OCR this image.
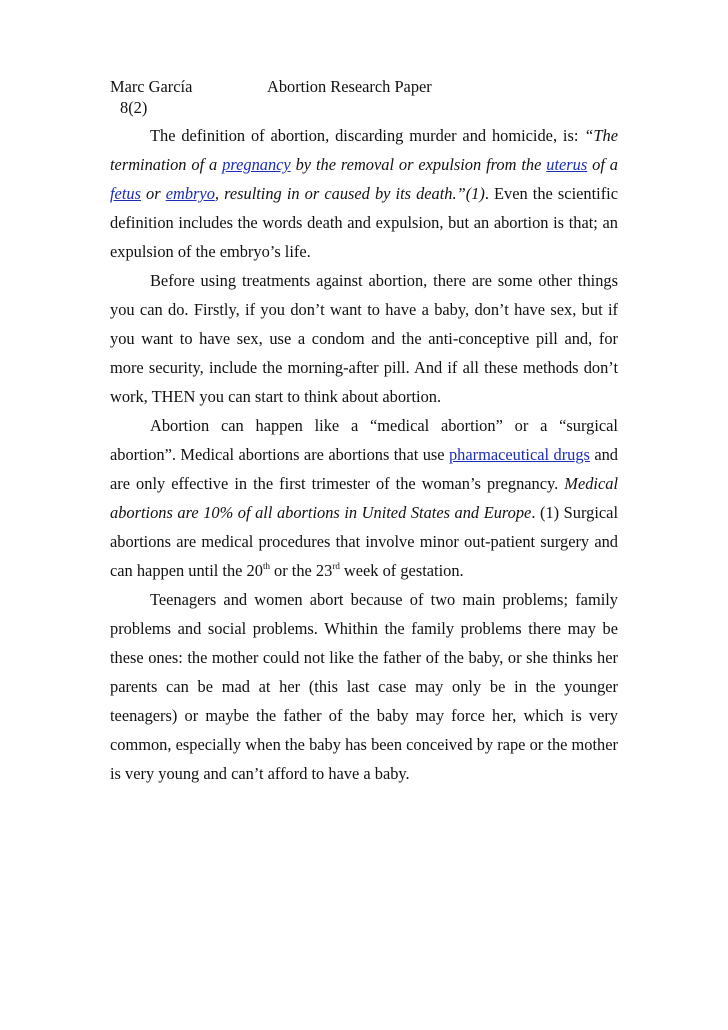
Marc García	Abortion Research Paper
8(2)

The definition of abortion, discarding murder and homicide, is: “The termination of a pregnancy by the removal or expulsion from the uterus of a fetus or embryo, resulting in or caused by its death.”(1). Even the scientific definition includes the words death and expulsion, but an abortion is that; an expulsion of the embryo’s life.

Before using treatments against abortion, there are some other things you can do. Firstly, if you don’t want to have a baby, don’t have sex, but if you want to have sex, use a condom and the anti-conceptive pill and, for more security, include the morning-after pill. And if all these methods don’t work, THEN you can start to think about abortion.

Abortion can happen like a “medical abortion” or a “surgical abortion”. Medical abortions are abortions that use pharmaceutical drugs and are only effective in the first trimester of the woman’s pregnancy. Medical abortions are 10% of all abortions in United States and Europe. (1) Surgical abortions are medical procedures that involve minor out-patient surgery and can happen until the 20th or the 23rd week of gestation.

Teenagers and women abort because of two main problems; family problems and social problems. Whithin the family problems there may be these ones: the mother could not like the father of the baby, or she thinks her parents can be mad at her (this last case may only be in the younger teenagers) or maybe the father of the baby may force her, which is very common, especially when the baby has been conceived by rape or the mother is very young and can’t afford to have a baby.
